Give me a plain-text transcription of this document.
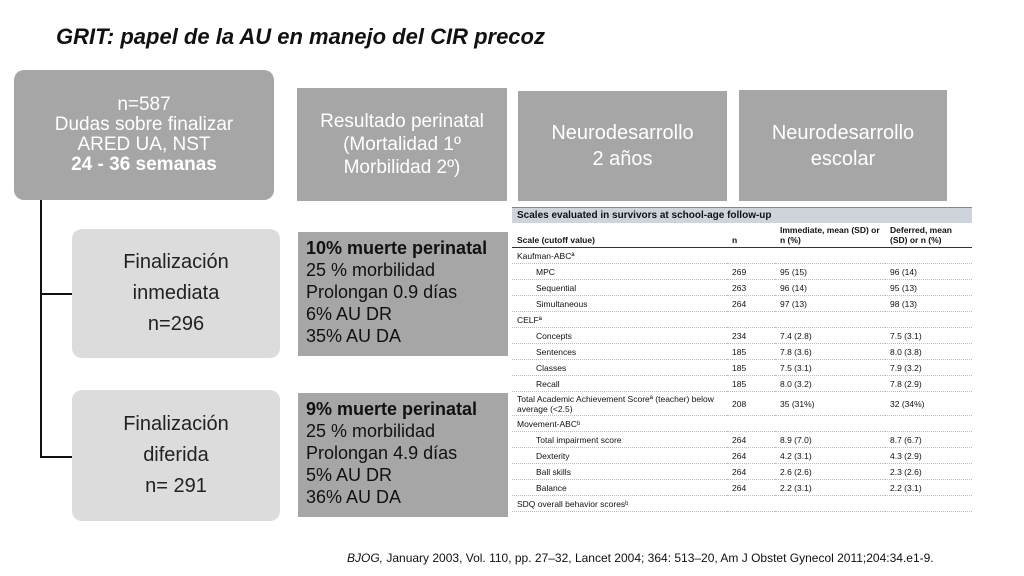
GRIT: papel de la AU en manejo del CIR precoz
n=587
Dudas sobre finalizar
ARED UA, NST
24 - 36 semanas
Finalización
inmediata
n=296
Finalización
diferida
n= 291
Resultado perinatal
(Mortalidad 1º
Morbilidad 2º)
Neurodesarrollo
2 años
Neurodesarrollo
escolar
10% muerte perinatal
25 % morbilidad
Prolongan 0.9 días
6% AU DR
35% AU DA
9% muerte perinatal
25 % morbilidad
Prolongan 4.9 días
5% AU DR
36% AU DA
Scales evaluated in survivors at school-age follow-up
Scale (cutoff value)	n	Immediate, mean (SD) or n (%)	Deferred, mean (SD) or n (%)
Kaufman-ABCª			
MPC	269	95 (15)	96 (14)
Sequential	263	96 (14)	95 (13)
Simultaneous	264	97 (13)	98 (13)
CELFª			
Concepts	234	7.4 (2.8)	7.5 (3.1)
Sentences	185	7.8 (3.6)	8.0 (3.8)
Classes	185	7.5 (3.1)	7.9 (3.2)
Recall	185	8.0 (3.2)	7.8 (2.9)
Total Academic Achievement Scoreª (teacher) below average (<2.5)	208	35 (31%)	32 (34%)
Movement-ABCᵇ			
Total impairment score	264	8.9 (7.0)	8.7 (6.7)
Dexterity	264	4.2 (3.1)	4.3 (2.9)
Ball skills	264	2.6 (2.6)	2.3 (2.6)
Balance	264	2.2 (3.1)	2.2 (3.1)
SDQ overall behavior scoresᵇ			
BJOG, January 2003, Vol. 110, pp. 27–32, Lancet 2004; 364: 513–20, Am J Obstet Gynecol 2011;204:34.e1-9.
